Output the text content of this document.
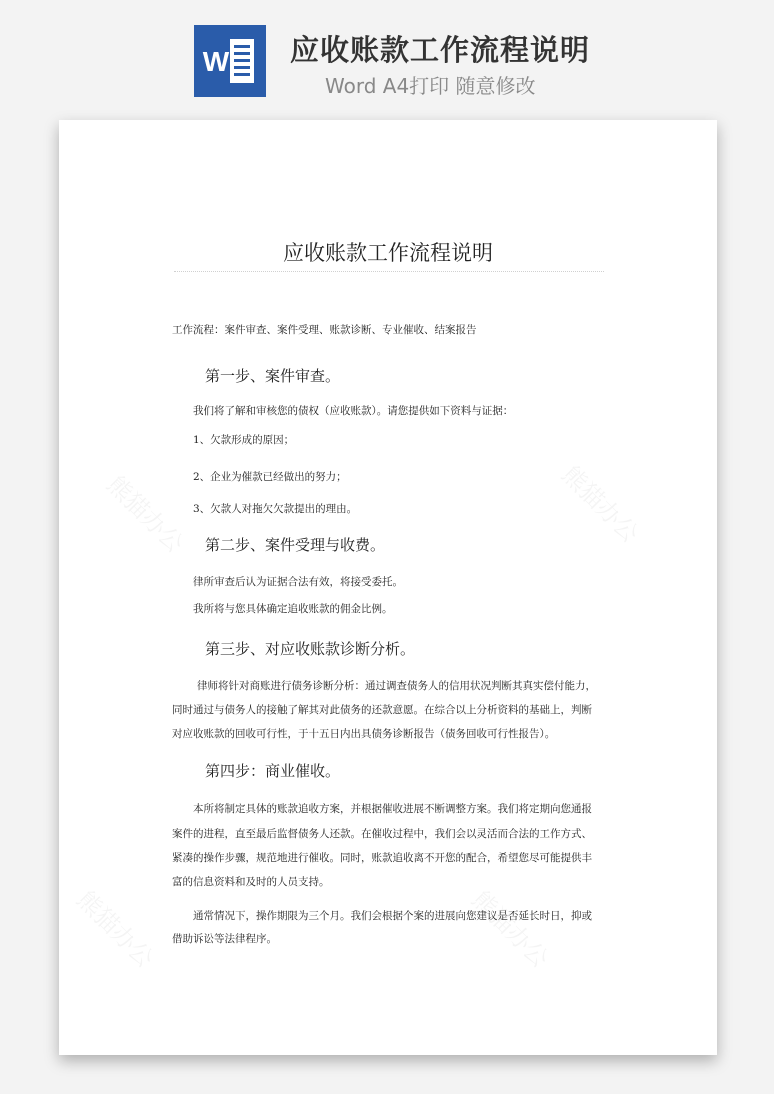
W 应收账款工作流程说明
Word A4打印 随意修改
应收账款工作流程说明
工作流程：案件审查、案件受理、账款诊断、专业催收、结案报告
第一步、案件审查。
我们将了解和审核您的债权（应收账款）。请您提供如下资料与证据：
1、欠款形成的原因；
2、企业为催款已经做出的努力；
3、欠款人对拖欠欠款提出的理由。
第二步、案件受理与收费。
律所审查后认为证据合法有效，将接受委托。
我所将与您具体确定追收账款的佣金比例。
第三步、对应收账款诊断分析。
律师将针对商账进行债务诊断分析：通过调查债务人的信用状况判断其真实偿付能力，
同时通过与债务人的接触了解其对此债务的还款意愿。在综合以上分析资料的基础上，判断
对应收账款的回收可行性，于十五日内出具债务诊断报告（债务回收可行性报告）。
第四步：商业催收。
本所将制定具体的账款追收方案，并根据催收进展不断调整方案。我们将定期向您通报
案件的进程，直至最后监督债务人还款。在催收过程中，我们会以灵活而合法的工作方式、
紧凑的操作步骤，规范地进行催收。同时，账款追收离不开您的配合，希望您尽可能提供丰
富的信息资料和及时的人员支持。
通常情况下，操作期限为三个月。我们会根据个案的进展向您建议是否延长时日，抑或
借助诉讼等法律程序。
